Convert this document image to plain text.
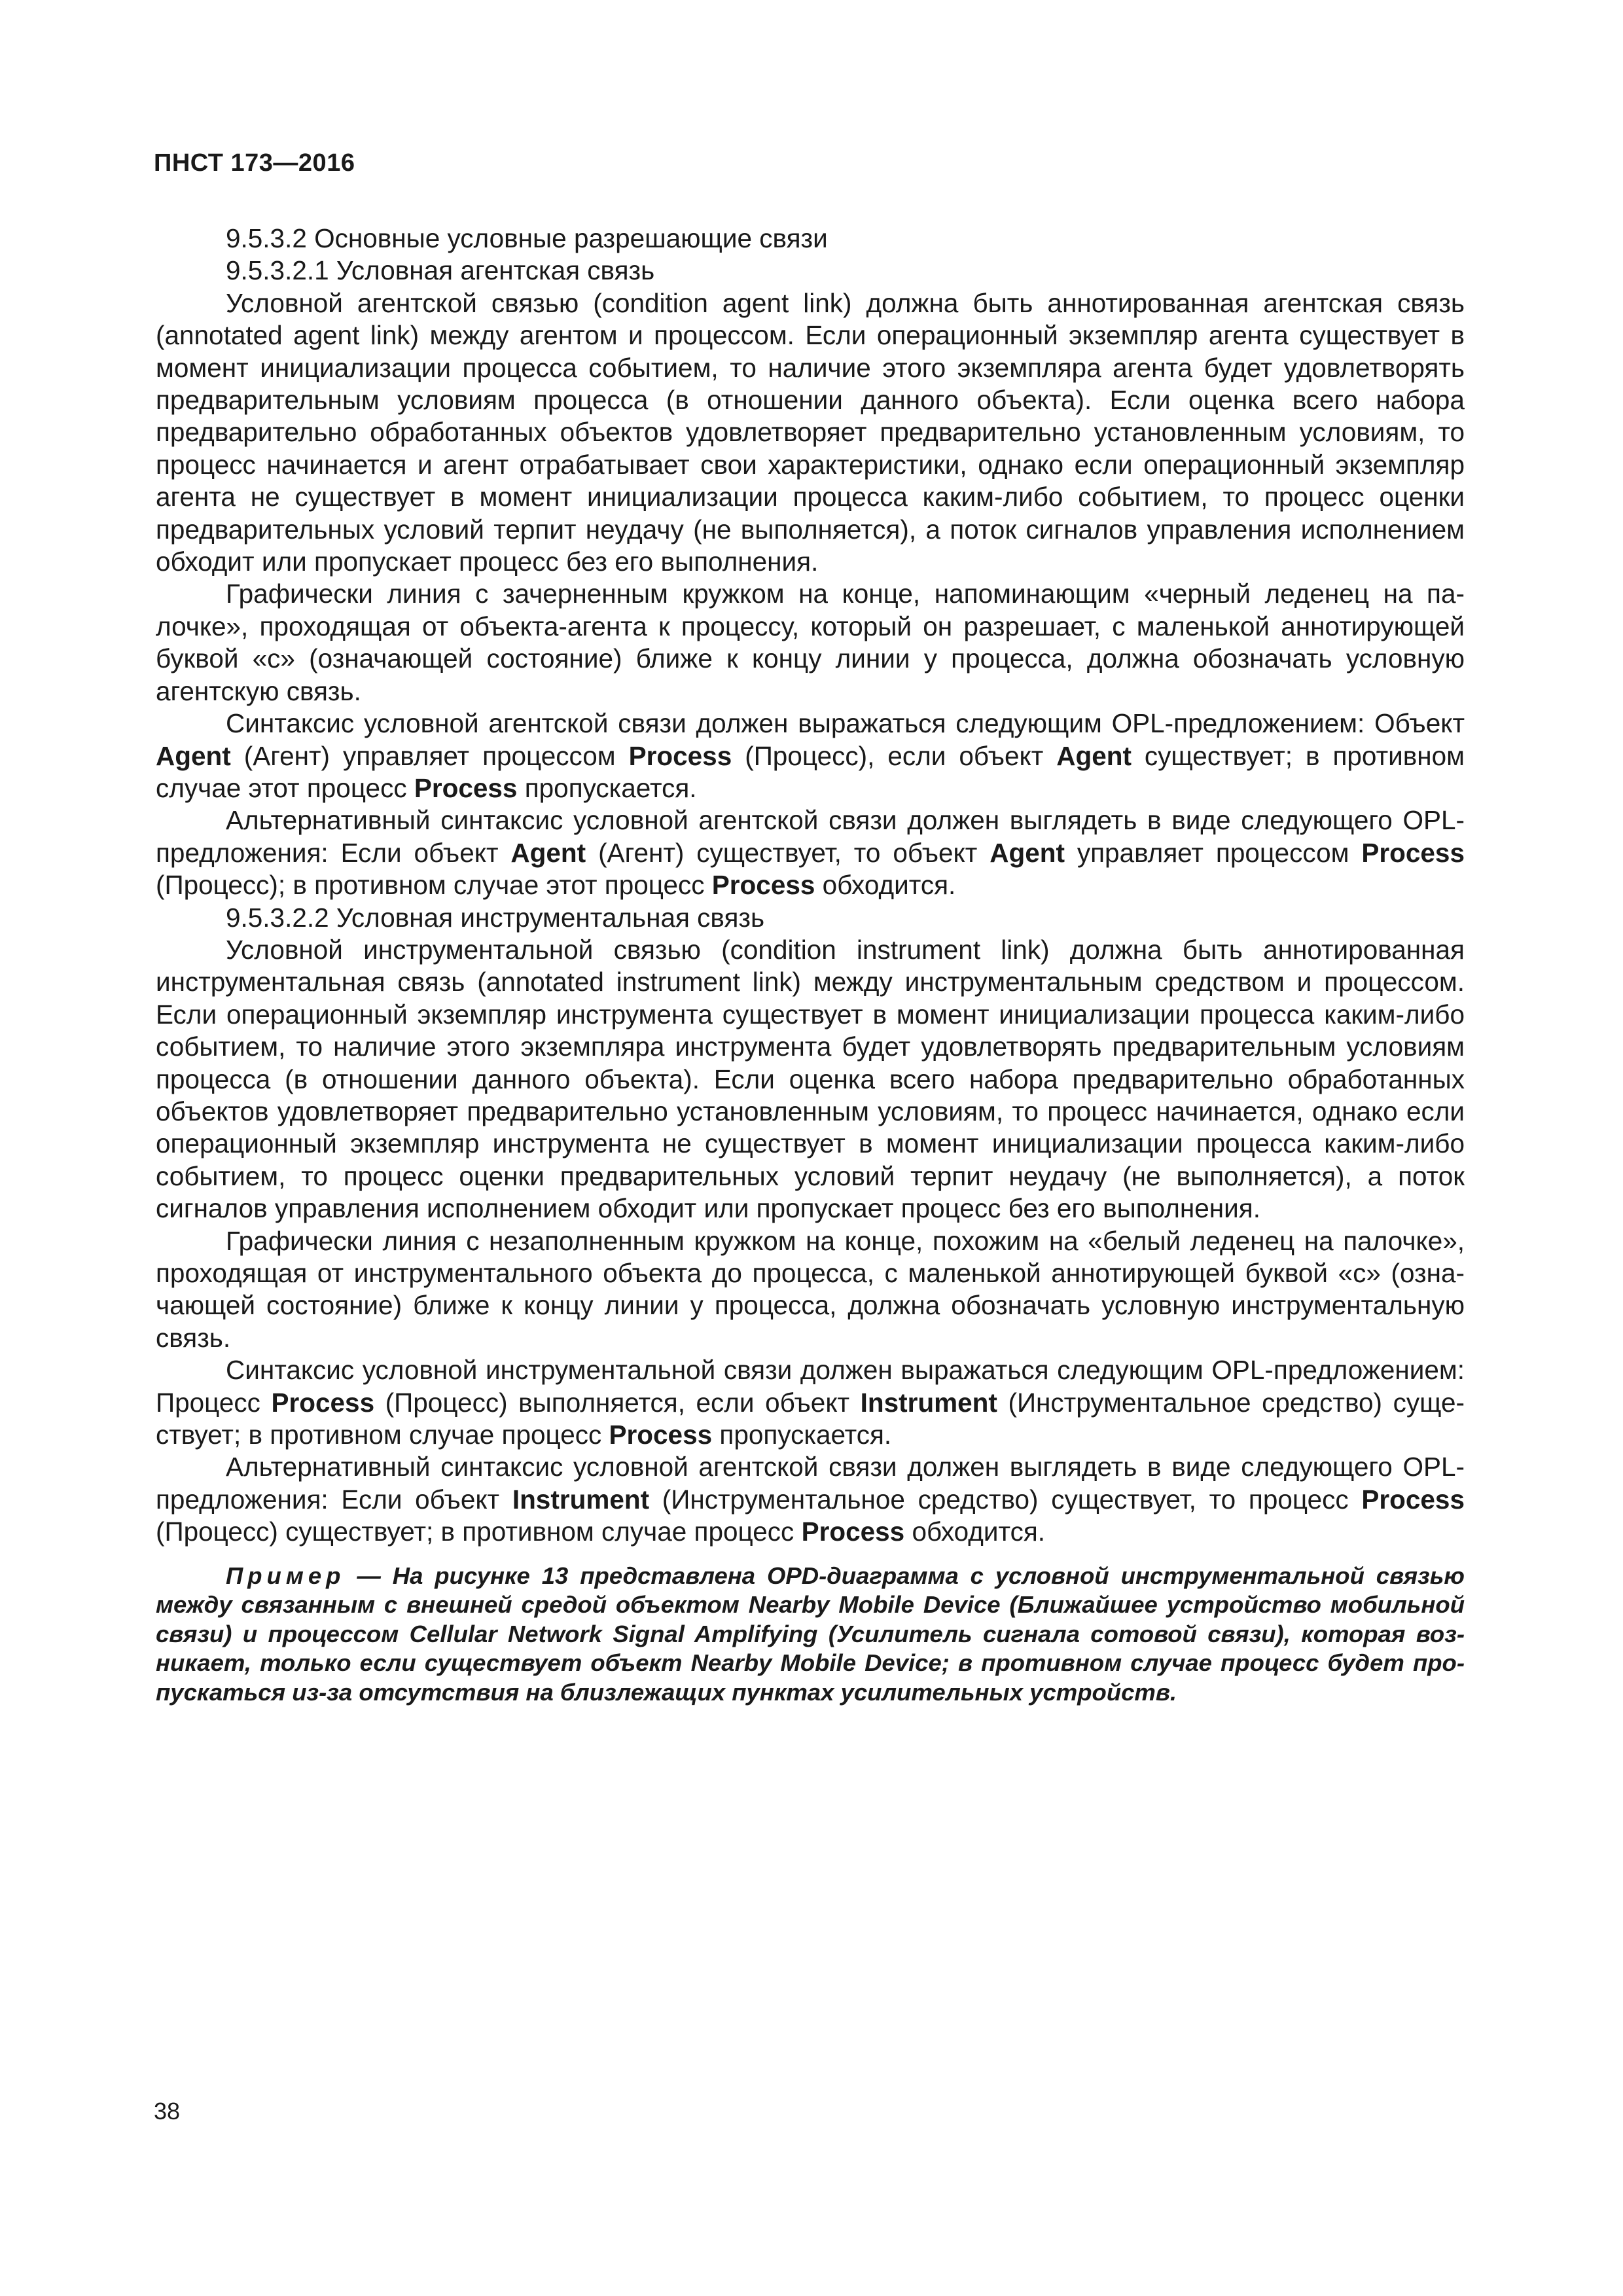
ПНСТ 173—2016

9.5.3.2 Основные условные разрешающие связи

9.5.3.2.1 Условная агентская связь

Условной агентской связью (condition agent link) должна быть аннотированная агентская связь (annotated agent link) между агентом и процессом. Если операционный экземпляр агента существует в момент инициализации процесса событием, то наличие этого экземпляра агента будет удовлетворять предварительным условиям процесса (в отношении данного объекта). Если оценка всего набора предварительно обработанных объектов удовлетворяет предварительно установленным условиям, то процесс начинается и агент отрабатывает свои характеристики, однако если операционный экземпляр агента не существует в момент инициализации процесса каким-либо событием, то процесс оценки предварительных условий терпит неудачу (не выполняется), а поток сигналов управления исполнением обходит или пропускает процесс без его выполнения.

Графически линия с зачерненным кружком на конце, напоминающим «черный леденец на палочке», проходящая от объекта-агента к процессу, который он разрешает, с маленькой аннотирующей буквой «с» (означающей состояние) ближе к концу линии у процесса, должна обозначать условную агентскую связь.

Синтаксис условной агентской связи должен выражаться следующим OPL-предложением: Объект Agent (Агент) управляет процессом Process (Процесс), если объект Agent существует; в противном случае этот процесс Process пропускается.

Альтернативный синтаксис условной агентской связи должен выглядеть в виде следующего OPL-предложения: Если объект Agent (Агент) существует, то объект Agent управляет процессом Process (Процесс); в противном случае этот процесс Process обходится.

9.5.3.2.2 Условная инструментальная связь

Условной инструментальной связью (condition instrument link) должна быть аннотированная инструментальная связь (annotated instrument link) между инструментальным средством и процессом. Если операционный экземпляр инструмента существует в момент инициализации процесса каким-либо событием, то наличие этого экземпляра инструмента будет удовлетворять предварительным условиям процесса (в отношении данного объекта). Если оценка всего набора предварительно обработанных объектов удовлетворяет предварительно установленным условиям, то процесс начинается, однако если операционный экземпляр инструмента не существует в момент инициализации процесса каким-либо событием, то процесс оценки предварительных условий терпит неудачу (не выполняется), а поток сигналов управления исполнением обходит или пропускает процесс без его выполнения.

Графически линия с незаполненным кружком на конце, похожим на «белый леденец на палочке», проходящая от инструментального объекта до процесса, с маленькой аннотирующей буквой «с» (означающей состояние) ближе к концу линии у процесса, должна обозначать условную инструментальную связь.

Синтаксис условной инструментальной связи должен выражаться следующим OPL-предложением: Процесс Process (Процесс) выполняется, если объект Instrument (Инструментальное средство) существует; в противном случае процесс Process пропускается.

Альтернативный синтаксис условной агентской связи должен выглядеть в виде следующего OPL-предложения: Если объект Instrument (Инструментальное средство) существует, то процесс Process (Процесс) существует; в противном случае процесс Process обходится.

Пример — На рисунке 13 представлена OPD-диаграмма с условной инструментальной связью между связанным с внешней средой объектом Nearby Mobile Device (Ближайшее устройство мобильной связи) и процессом Cellular Network Signal Amplifying (Усилитель сигнала сотовой связи), которая возникает, только если существует объект Nearby Mobile Device; в противном случае процесс будет пропускаться из-за отсутствия на близлежащих пунктах усилительных устройств.

38
